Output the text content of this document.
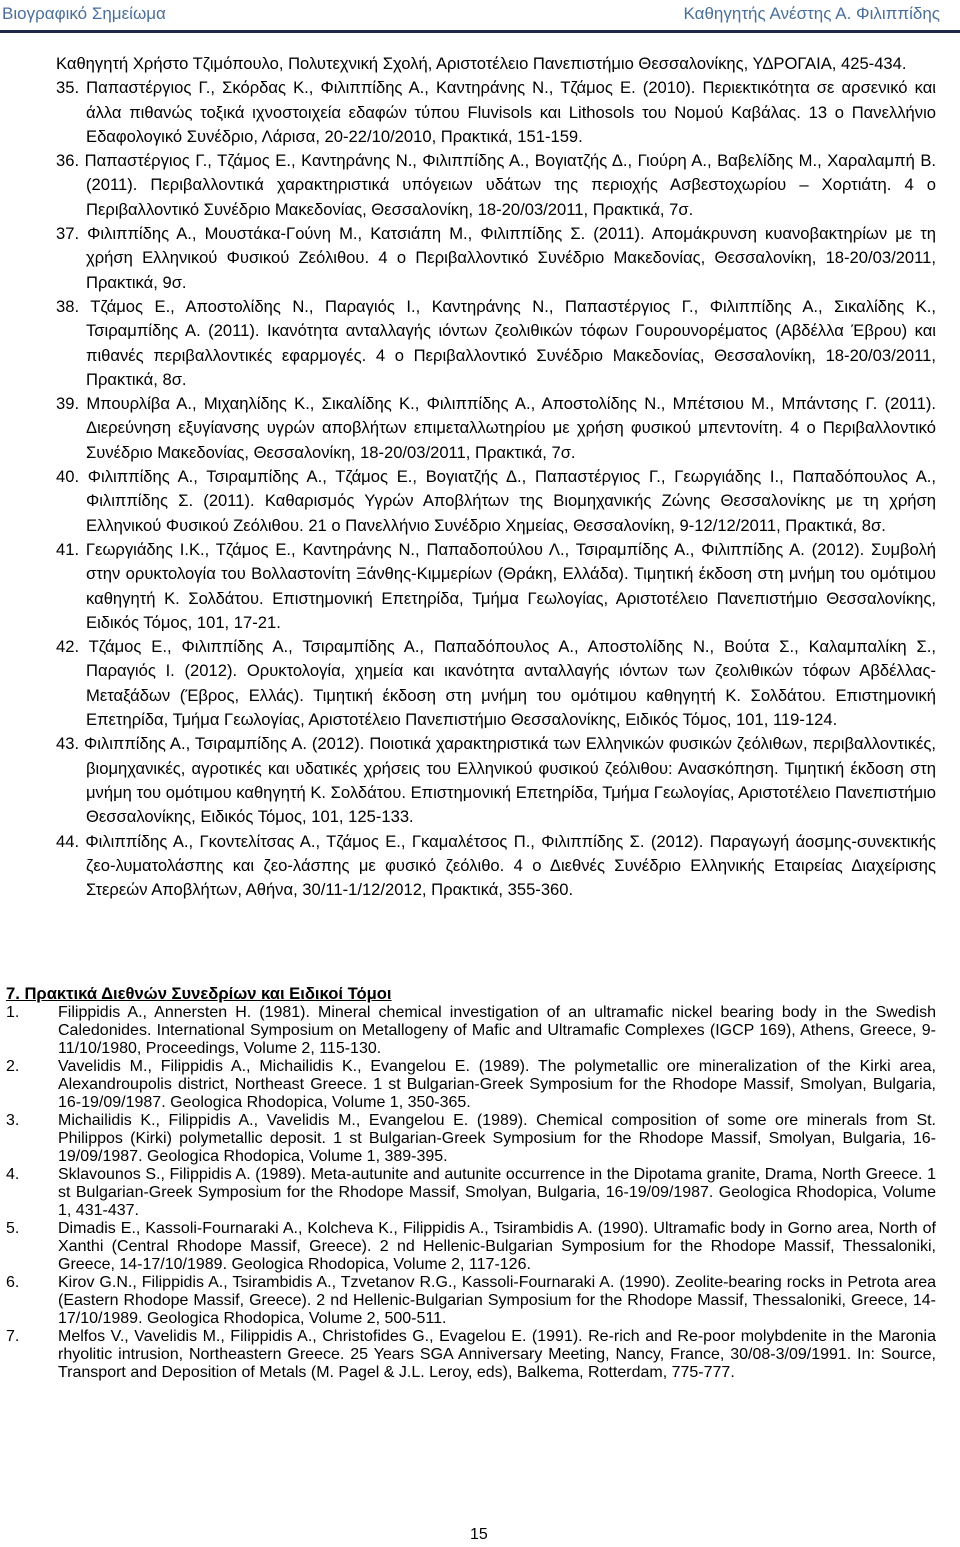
Βιογραφικό Σημείωμα	Καθηγητής Ανέστης Α. Φιλιππίδης

Καθηγητή Χρήστο Τζιμόπουλο, Πολυτεχνική Σχολή, Αριστοτέλειο Πανεπιστήμιο Θεσσαλονίκης, ΥΔΡΟΓΑΙΑ, 425-434.

35. Παπαστέργιος Γ., Σκόρδας Κ., Φιλιππίδης Α., Καντηράνης Ν., Τζάμος Ε. (2010). Περιεκτικότητα σε αρσενικό και άλλα πιθανώς τοξικά ιχνοστοιχεία εδαφών τύπου Fluvisols και Lithosols του Νομού Καβάλας. 13 ο Πανελλήνιο Εδαφολογικό Συνέδριο, Λάρισα, 20-22/10/2010, Πρακτικά, 151-159.

36. Παπαστέργιος Γ., Τζάμος Ε., Καντηράνης Ν., Φιλιππίδης Α., Βογιατζής Δ., Γιούρη Α., Βαβελίδης Μ., Χαραλαμπή Β. (2011). Περιβαλλοντικά χαρακτηριστικά υπόγειων υδάτων της περιοχής Ασβεστοχωρίου – Χορτιάτη. 4 ο Περιβαλλοντικό Συνέδριο Μακεδονίας, Θεσσαλονίκη, 18-20/03/2011, Πρακτικά, 7σ.

37. Φιλιππίδης Α., Μουστάκα-Γούνη Μ., Κατσιάπη Μ., Φιλιππίδης Σ. (2011). Απομάκρυνση κυανοβακτηρίων με τη χρήση Ελληνικού Φυσικού Ζεόλιθου. 4 ο Περιβαλλοντικό Συνέδριο Μακεδονίας, Θεσσαλονίκη, 18-20/03/2011, Πρακτικά, 9σ.

38. Τζάμος Ε., Αποστολίδης Ν., Παραγιός Ι., Καντηράνης Ν., Παπαστέργιος Γ., Φιλιππίδης Α., Σικαλίδης Κ., Τσιραμπίδης Α. (2011). Ικανότητα ανταλλαγής ιόντων ζεολιθικών τόφων Γουρουνορέματος (Αβδέλλα Έβρου) και πιθανές περιβαλλοντικές εφαρμογές. 4 ο Περιβαλλοντικό Συνέδριο Μακεδονίας, Θεσσαλονίκη, 18-20/03/2011, Πρακτικά, 8σ.

39. Μπουρλίβα Α., Μιχαηλίδης Κ., Σικαλίδης Κ., Φιλιππίδης Α., Αποστολίδης Ν., Μπέτσιου Μ., Μπάντσης Γ. (2011). Διερεύνηση εξυγίανσης υγρών αποβλήτων επιμεταλλωτηρίου με χρήση φυσικού μπεντονίτη. 4 ο Περιβαλλοντικό Συνέδριο Μακεδονίας, Θεσσαλονίκη, 18-20/03/2011, Πρακτικά, 7σ.

40. Φιλιππίδης Α., Τσιραμπίδης Α., Τζάμος Ε., Βογιατζής Δ., Παπαστέργιος Γ., Γεωργιάδης Ι., Παπαδόπουλος Α., Φιλιππίδης Σ. (2011). Καθαρισμός Υγρών Αποβλήτων της Βιομηχανικής Ζώνης Θεσσαλονίκης με τη χρήση Ελληνικού Φυσικού Ζεόλιθου. 21 ο Πανελλήνιο Συνέδριο Χημείας, Θεσσαλονίκη, 9-12/12/2011, Πρακτικά, 8σ.

41. Γεωργιάδης Ι.Κ., Τζάμος Ε., Καντηράνης Ν., Παπαδοπούλου Λ., Τσιραμπίδης Α., Φιλιππίδης Α. (2012). Συμβολή στην ορυκτολογία του Βολλαστονίτη Ξάνθης-Κιμμερίων (Θράκη, Ελλάδα). Τιμητική έκδοση στη μνήμη του ομότιμου καθηγητή Κ. Σολδάτου. Επιστημονική Επετηρίδα, Τμήμα Γεωλογίας, Αριστοτέλειο Πανεπιστήμιο Θεσσαλονίκης, Ειδικός Τόμος, 101, 17-21.

42. Τζάμος Ε., Φιλιππίδης Α., Τσιραμπίδης Α., Παπαδόπουλος Α., Αποστολίδης Ν., Βούτα Σ., Καλαμπαλίκη Σ., Παραγιός Ι. (2012). Ορυκτολογία, χημεία και ικανότητα ανταλλαγής ιόντων των ζεολιθικών τόφων Αβδέλλας-Μεταξάδων (Έβρος, Ελλάς). Τιμητική έκδοση στη μνήμη του ομότιμου καθηγητή Κ. Σολδάτου. Επιστημονική Επετηρίδα, Τμήμα Γεωλογίας, Αριστοτέλειο Πανεπιστήμιο Θεσσαλονίκης, Ειδικός Τόμος, 101, 119-124.

43. Φιλιππίδης Α., Τσιραμπίδης Α. (2012). Ποιοτικά χαρακτηριστικά των Ελληνικών φυσικών ζεόλιθων, περιβαλλοντικές, βιομηχανικές, αγροτικές και υδατικές χρήσεις του Ελληνικού φυσικού ζεόλιθου: Ανασκόπηση. Τιμητική έκδοση στη μνήμη του ομότιμου καθηγητή Κ. Σολδάτου. Επιστημονική Επετηρίδα, Τμήμα Γεωλογίας, Αριστοτέλειο Πανεπιστήμιο Θεσσαλονίκης, Ειδικός Τόμος, 101, 125-133.

44. Φιλιππίδης Α., Γκοντελίτσας Α., Τζάμος Ε., Γκαμαλέτσος Π., Φιλιππίδης Σ. (2012). Παραγωγή άοσμης-συνεκτικής ζεο-λυματολάσπης και ζεο-λάσπης με φυσικό ζεόλιθο. 4 ο Διεθνές Συνέδριο Ελληνικής Εταιρείας Διαχείρισης Στερεών Αποβλήτων, Αθήνα, 30/11-1/12/2012, Πρακτικά, 355-360.

7. Πρακτικά Διεθνών Συνεδρίων και Ειδικοί Τόμοι
1.	Filippidis A., Annersten H. (1981). Mineral chemical investigation of an ultramafic nickel bearing body in the Swedish Caledonides. International Symposium on Metallogeny of Mafic and Ultramafic Complexes (IGCP 169), Athens, Greece, 9-11/10/1980, Proceedings, Volume 2, 115-130.
2.	Vavelidis M., Filippidis A., Michailidis K., Evangelou E. (1989). The polymetallic ore mineralization of the Kirki area, Alexandroupolis district, Northeast Greece. 1 st Bulgarian-Greek Symposium for the Rhodope Massif, Smolyan, Bulgaria, 16-19/09/1987. Geologica Rhodopica, Volume 1, 350-365.
3.	Michailidis K., Filippidis A., Vavelidis M., Evangelou E. (1989). Chemical composition of some ore minerals from St. Philippos (Kirki) polymetallic deposit. 1 st Bulgarian-Greek Symposium for the Rhodope Massif, Smolyan, Bulgaria, 16-19/09/1987. Geologica Rhodopica, Volume 1, 389-395.
4.	Sklavounos S., Filippidis A. (1989). Meta-autunite and autunite occurrence in the Dipotama granite, Drama, North Greece. 1 st Bulgarian-Greek Symposium for the Rhodope Massif, Smolyan, Bulgaria, 16-19/09/1987. Geologica Rhodopica, Volume 1, 431-437.
5.	Dimadis E., Kassoli-Fournaraki A., Kolcheva K., Filippidis A., Tsirambidis A. (1990). Ultramafic body in Gorno area, North of Xanthi (Central Rhodope Massif, Greece). 2 nd Hellenic-Bulgarian Symposium for the Rhodope Massif, Thessaloniki, Greece, 14-17/10/1989. Geologica Rhodopica, Volume 2, 117-126.
6.	Kirov G.N., Filippidis A., Tsirambidis A., Tzvetanov R.G., Kassoli-Fournaraki A. (1990). Zeolite-bearing rocks in Petrota area (Eastern Rhodope Massif, Greece). 2 nd Hellenic-Bulgarian Symposium for the Rhodope Massif, Thessaloniki, Greece, 14-17/10/1989. Geologica Rhodopica, Volume 2, 500-511.
7.	Melfos V., Vavelidis M., Filippidis A., Christofides G., Evagelou E. (1991). Re-rich and Re-poor molybdenite in the Maronia rhyolitic intrusion, Northeastern Greece. 25 Years SGA Anniversary Meeting, Nancy, France, 30/08-3/09/1991. In: Source, Transport and Deposition of Metals (M. Pagel & J.L. Leroy, eds), Balkema, Rotterdam, 775-777.
15
